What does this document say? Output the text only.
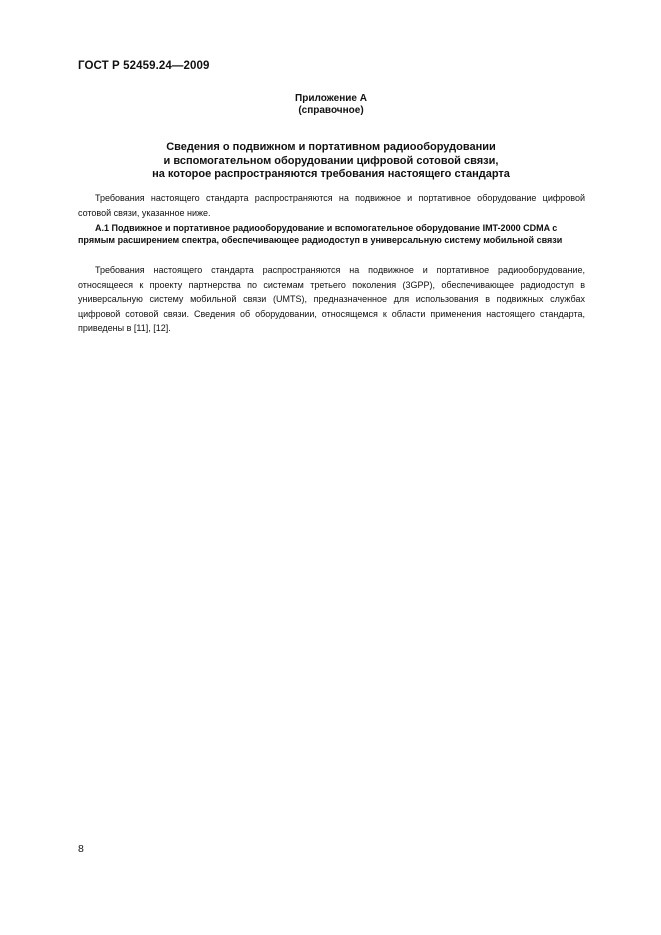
ГОСТ Р 52459.24—2009
Приложение А
(справочное)
Сведения о подвижном и портативном радиооборудовании
и вспомогательном оборудовании цифровой сотовой связи,
на которое распространяются требования настоящего стандарта

Требования настоящего стандарта распространяются на подвижное и портативное оборудование цифровой сотовой связи, указанное ниже.

А.1 Подвижное и портативное радиооборудование и вспомогательное оборудование IMT-2000 CDMA с прямым расширением спектра, обеспечивающее радиодоступ в универсальную систему мобильной связи

Требования настоящего стандарта распространяются на подвижное и портативное радиооборудование, относящееся к проекту партнерства по системам третьего поколения (3GPP), обеспечивающее радиодоступ в универсальную систему мобильной связи (UMTS), предназначенное для использования в подвижных службах цифровой сотовой связи. Сведения об оборудовании, относящемся к области применения настоящего стандарта, приведены в [11], [12].

8
